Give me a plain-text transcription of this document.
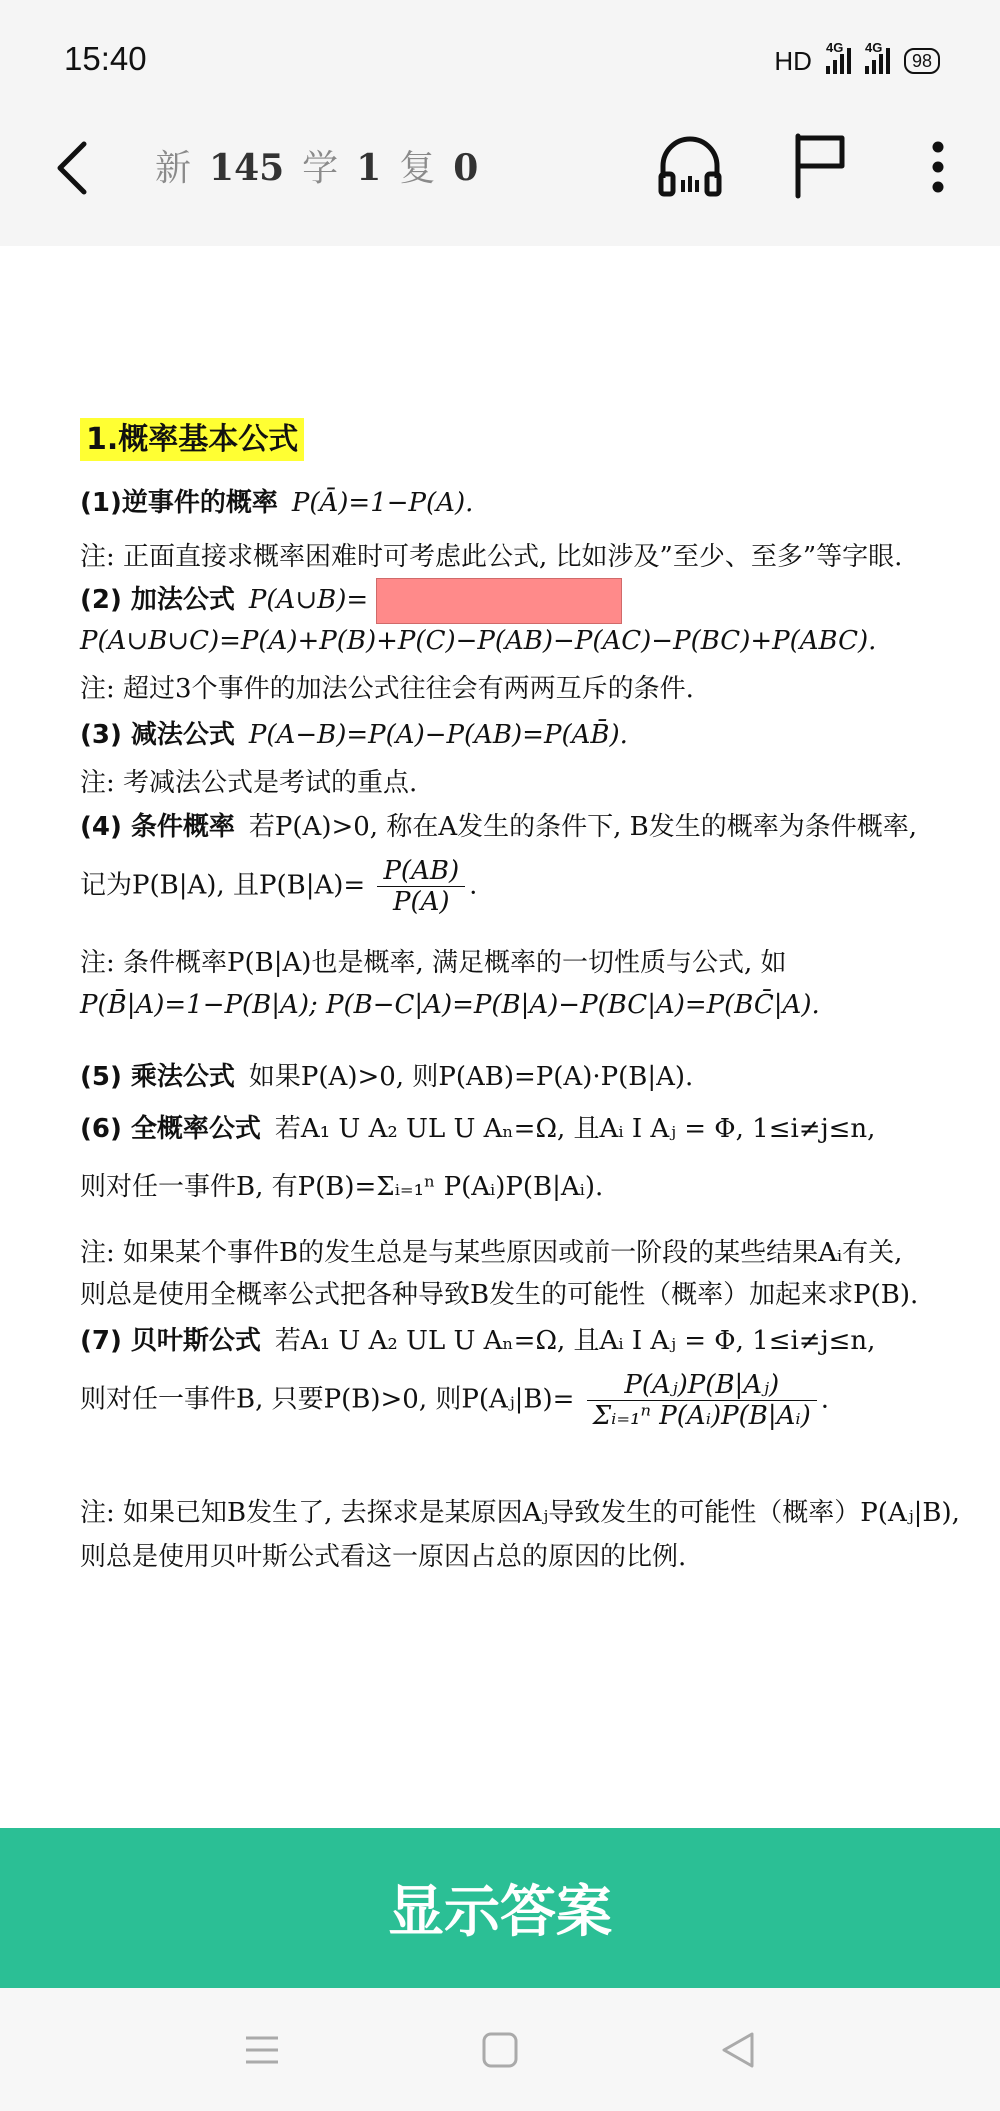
15:40	HD 4G 4G
98
新 145 学 1 复 0
1.概率基本公式
(1)逆事件的概率 P(Ā)=1−P(A).
注: 正面直接求概率困难时可考虑此公式, 比如涉及”至少、至多”等字眼.
(2) 加法公式 P(A∪B)=
P(A∪B∪C)=P(A)+P(B)+P(C)−P(AB)−P(AC)−P(BC)+P(ABC).
注: 超过3个事件的加法公式往往会有两两互斥的条件.
(3) 减法公式 P(A−B)=P(A)−P(AB)=P(AB̄).
注: 考减法公式是考试的重点.
(4) 条件概率 若P(A)>0, 称在A发生的条件下, B发生的概率为条件概率,
记为P(B|A), 且$P(B|A)= \frac{P(AB)}{P(A)}$ .
注: 条件概率P(B|A)也是概率, 满足概率的一切性质与公式, 如
P(B̄|A)=1−P(B|A); P(B−C|A)=P(B|A)−P(BC|A)=P(BC̄|A).
(5) 乘法公式 如果P(A)>0, 则P(AB)=P(A)·P(B|A).
(6) 全概率公式 若A₁ U A₂ UL U Aₙ=Ω, 且Aᵢ I Aⱼ = Φ, 1≤i≠j≤n,
则对任一事件B, 有P(B)=Σᵢ₌₁ⁿ P(Aᵢ)P(B|Aᵢ).
注: 如果某个事件B的发生总是与某些原因或前一阶段的某些结果Aᵢ有关,
则总是使用全概率公式把各种导致B发生的可能性（概率）加起来求P(B).
(7) 贝叶斯公式 若A₁ U A₂ UL U Aₙ=Ω, 且Aᵢ I Aⱼ = Φ, 1≤i≠j≤n,
则对任一事件B, 只要P(B)>0, 则P(Aⱼ|B)= $\frac{\text{P(Aⱼ)P(B|Aⱼ)}}{\text{Σᵢ₌₁ⁿ P(Aᵢ)P(B|Aᵢ)}}$ .
注: 如果已知B发生了, 去探求是某原因Aⱼ导致发生的可能性（概率）P(Aⱼ|B),
则总是使用贝叶斯公式看这一原因占总的原因的比例.
显示答案
